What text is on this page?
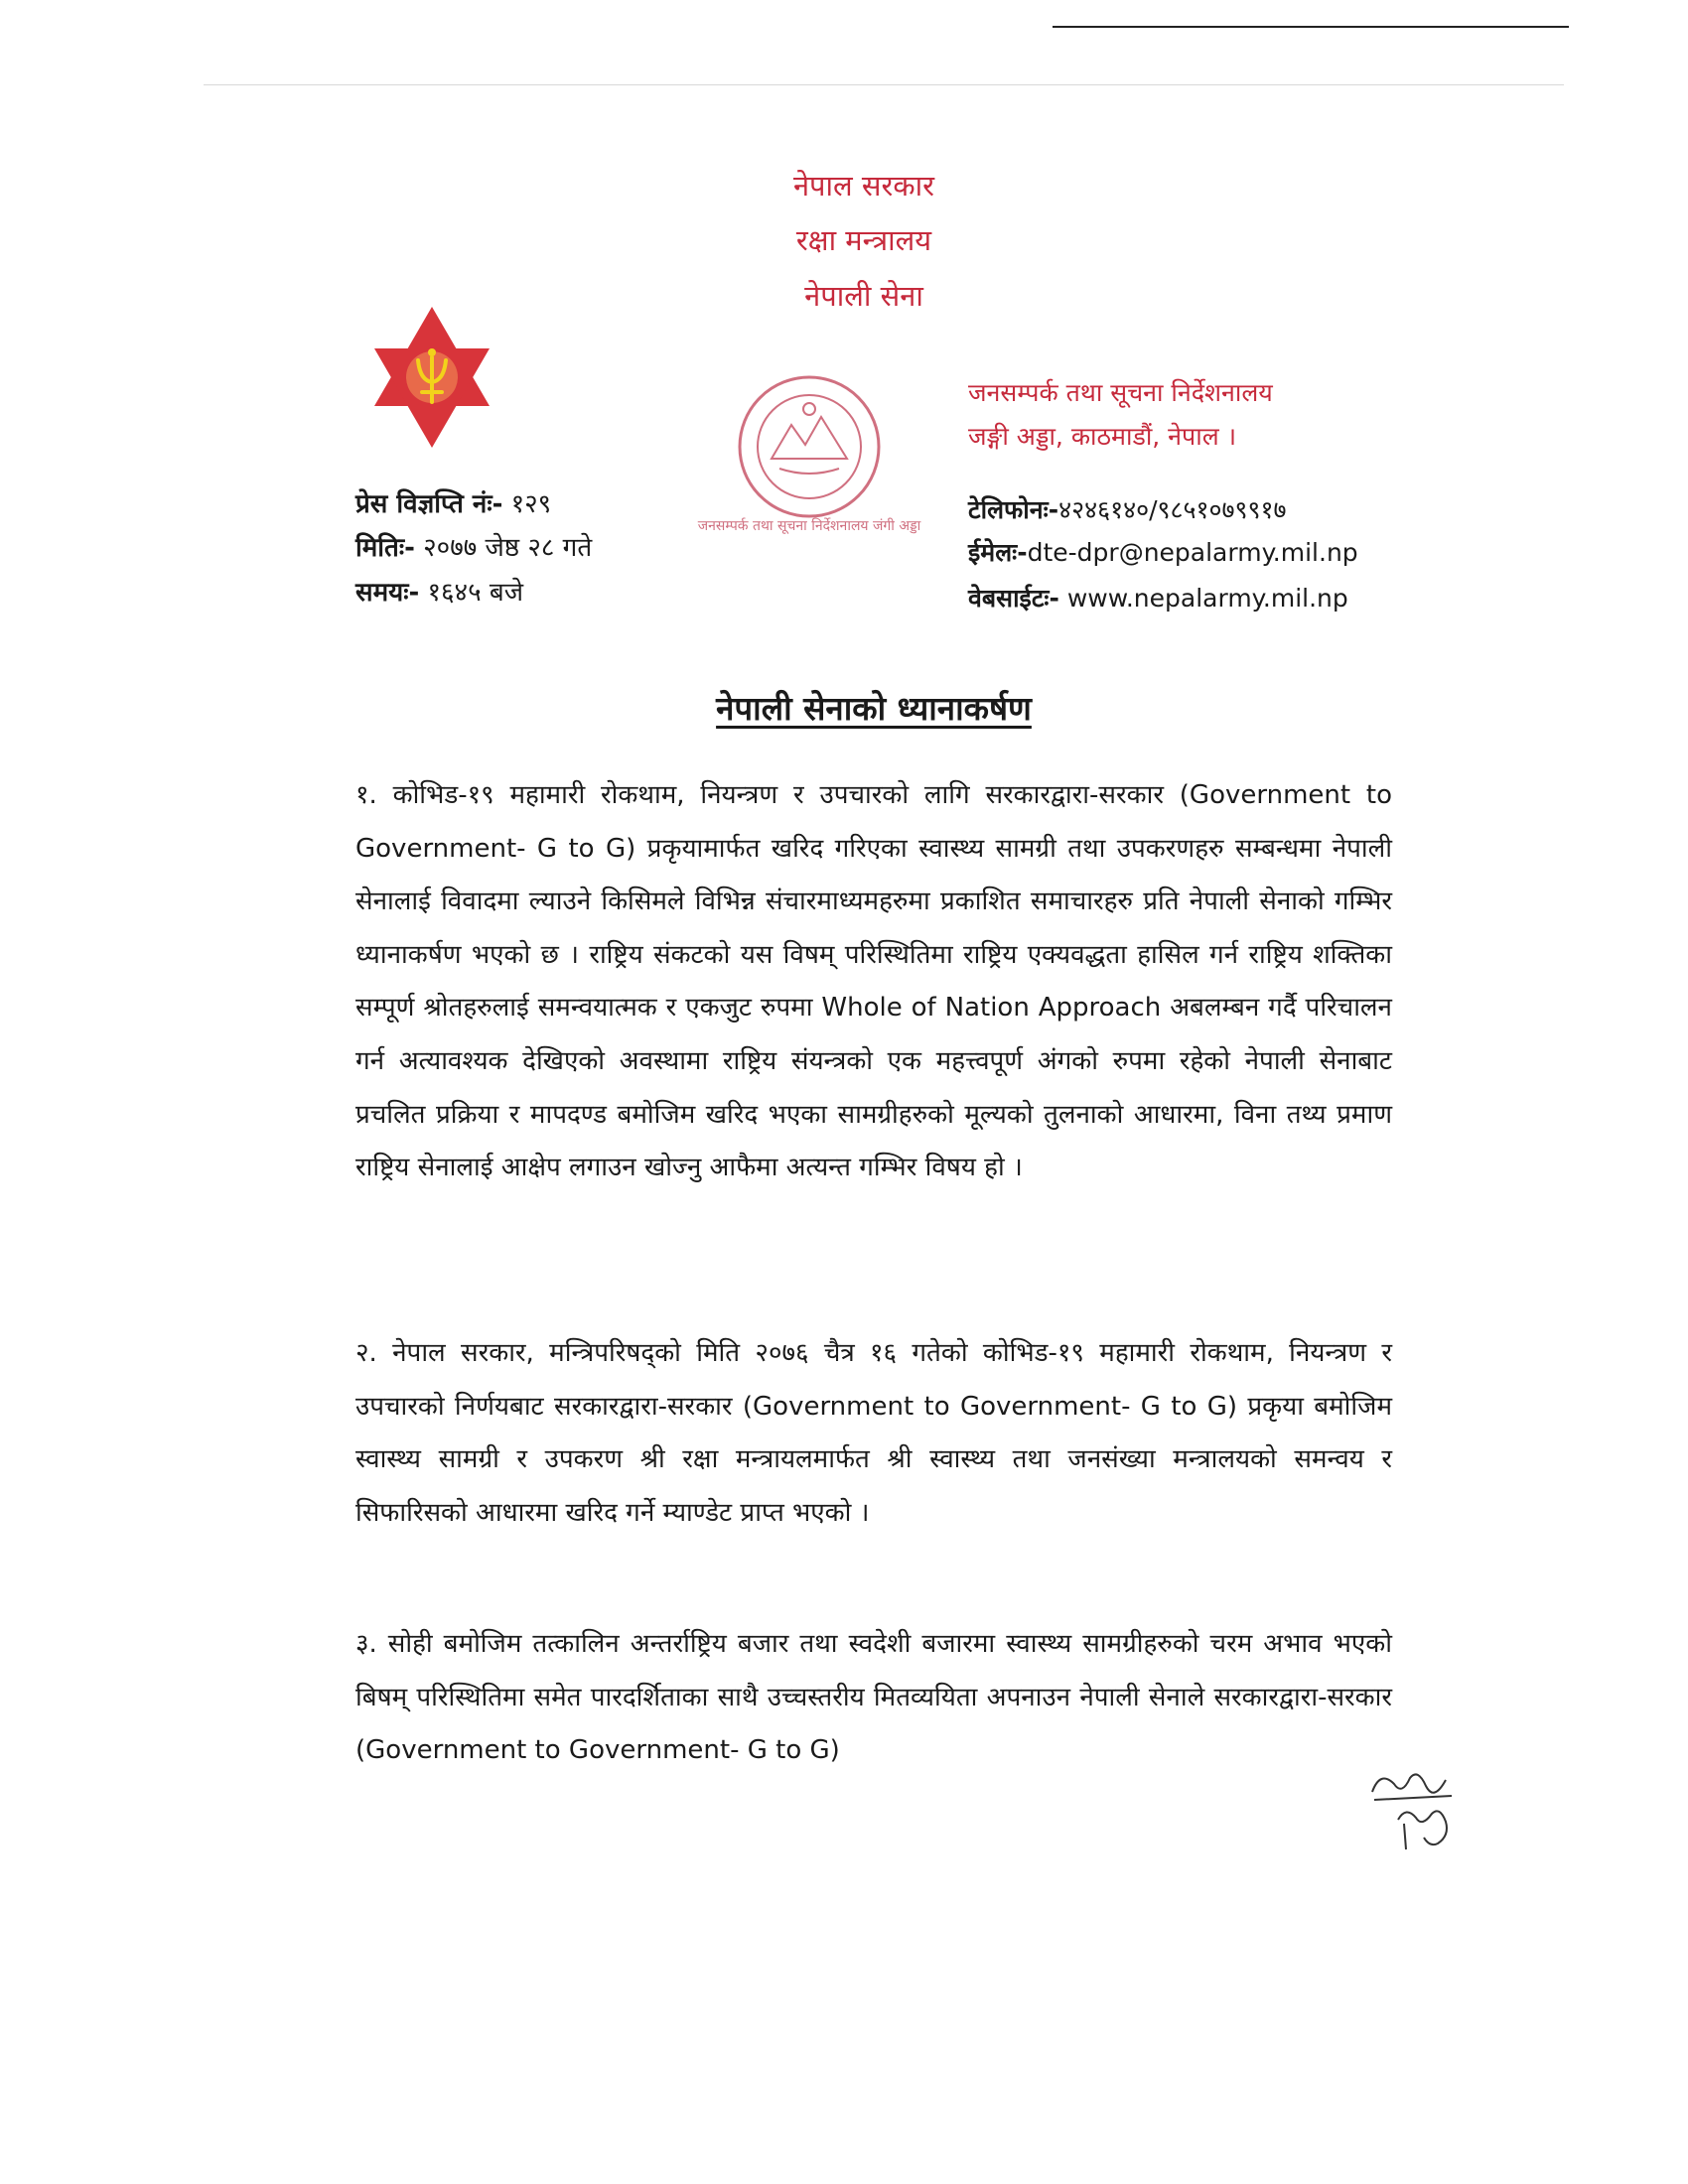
नेपाल सरकार
रक्षा मन्त्रालय
नेपाली सेना
जनसम्पर्क तथा सूचना निर्देशनालय जंगी अड्डा
जनसम्पर्क तथा सूचना निर्देशनालय
जङ्गी अड्डा, काठमाडौं, नेपाल ।
प्रेस विज्ञप्ति नंः- १२९
मितिः- २०७७ जेष्ठ २८ गते
समयः- १६४५ बजे
टेलिफोनः-४२४६१४०/९८५१०७९९१७
ईमेलः-dte-dpr@nepalarmy.mil.np
वेबसाईटः- www.nepalarmy.mil.np
नेपाली सेनाको ध्यानाकर्षण
१. कोभिड-१९ महामारी रोकथाम, नियन्त्रण र उपचारको लागि सरकारद्वारा-सरकार (Government to Government- G to G) प्रकृयामार्फत खरिद गरिएका स्वास्थ्य सामग्री तथा उपकरणहरु सम्बन्धमा नेपाली सेनालाई विवादमा ल्याउने किसिमले विभिन्न संचारमाध्यमहरुमा प्रकाशित समाचारहरु प्रति नेपाली सेनाको गम्भिर ध्यानाकर्षण भएको छ । राष्ट्रिय संकटको यस विषम् परिस्थितिमा राष्ट्रिय एक्यवद्धता हासिल गर्न राष्ट्रिय शक्तिका सम्पूर्ण श्रोतहरुलाई समन्वयात्मक र एकजुट रुपमा Whole of Nation Approach अबलम्बन गर्दै परिचालन गर्न अत्यावश्यक देखिएको अवस्थामा राष्ट्रिय संयन्त्रको एक महत्त्वपूर्ण अंगको रुपमा रहेको नेपाली सेनाबाट प्रचलित प्रक्रिया र मापदण्ड बमोजिम खरिद भएका सामग्रीहरुको मूल्यको तुलनाको आधारमा, विना तथ्य प्रमाण राष्ट्रिय सेनालाई आक्षेप लगाउन खोज्नु आफैमा अत्यन्त गम्भिर विषय हो ।
२. नेपाल सरकार, मन्त्रिपरिषद्को मिति २०७६ चैत्र १६ गतेको कोभिड-१९ महामारी रोकथाम, नियन्त्रण र उपचारको निर्णयबाट सरकारद्वारा-सरकार (Government to Government- G to G) प्रकृया बमोजिम स्वास्थ्य सामग्री र उपकरण श्री रक्षा मन्त्रायलमार्फत श्री स्वास्थ्य तथा जनसंख्या मन्त्रालयको समन्वय र सिफारिसको आधारमा खरिद गर्ने म्याण्डेट प्राप्त भएको ।
३. सोही बमोजिम तत्कालिन अन्तर्राष्ट्रिय बजार तथा स्वदेशी बजारमा स्वास्थ्य सामग्रीहरुको चरम अभाव भएको बिषम् परिस्थितिमा समेत पारदर्शिताका साथै उच्चस्तरीय मितव्ययिता अपनाउन नेपाली सेनाले सरकारद्वारा-सरकार (Government to Government- G to G)
